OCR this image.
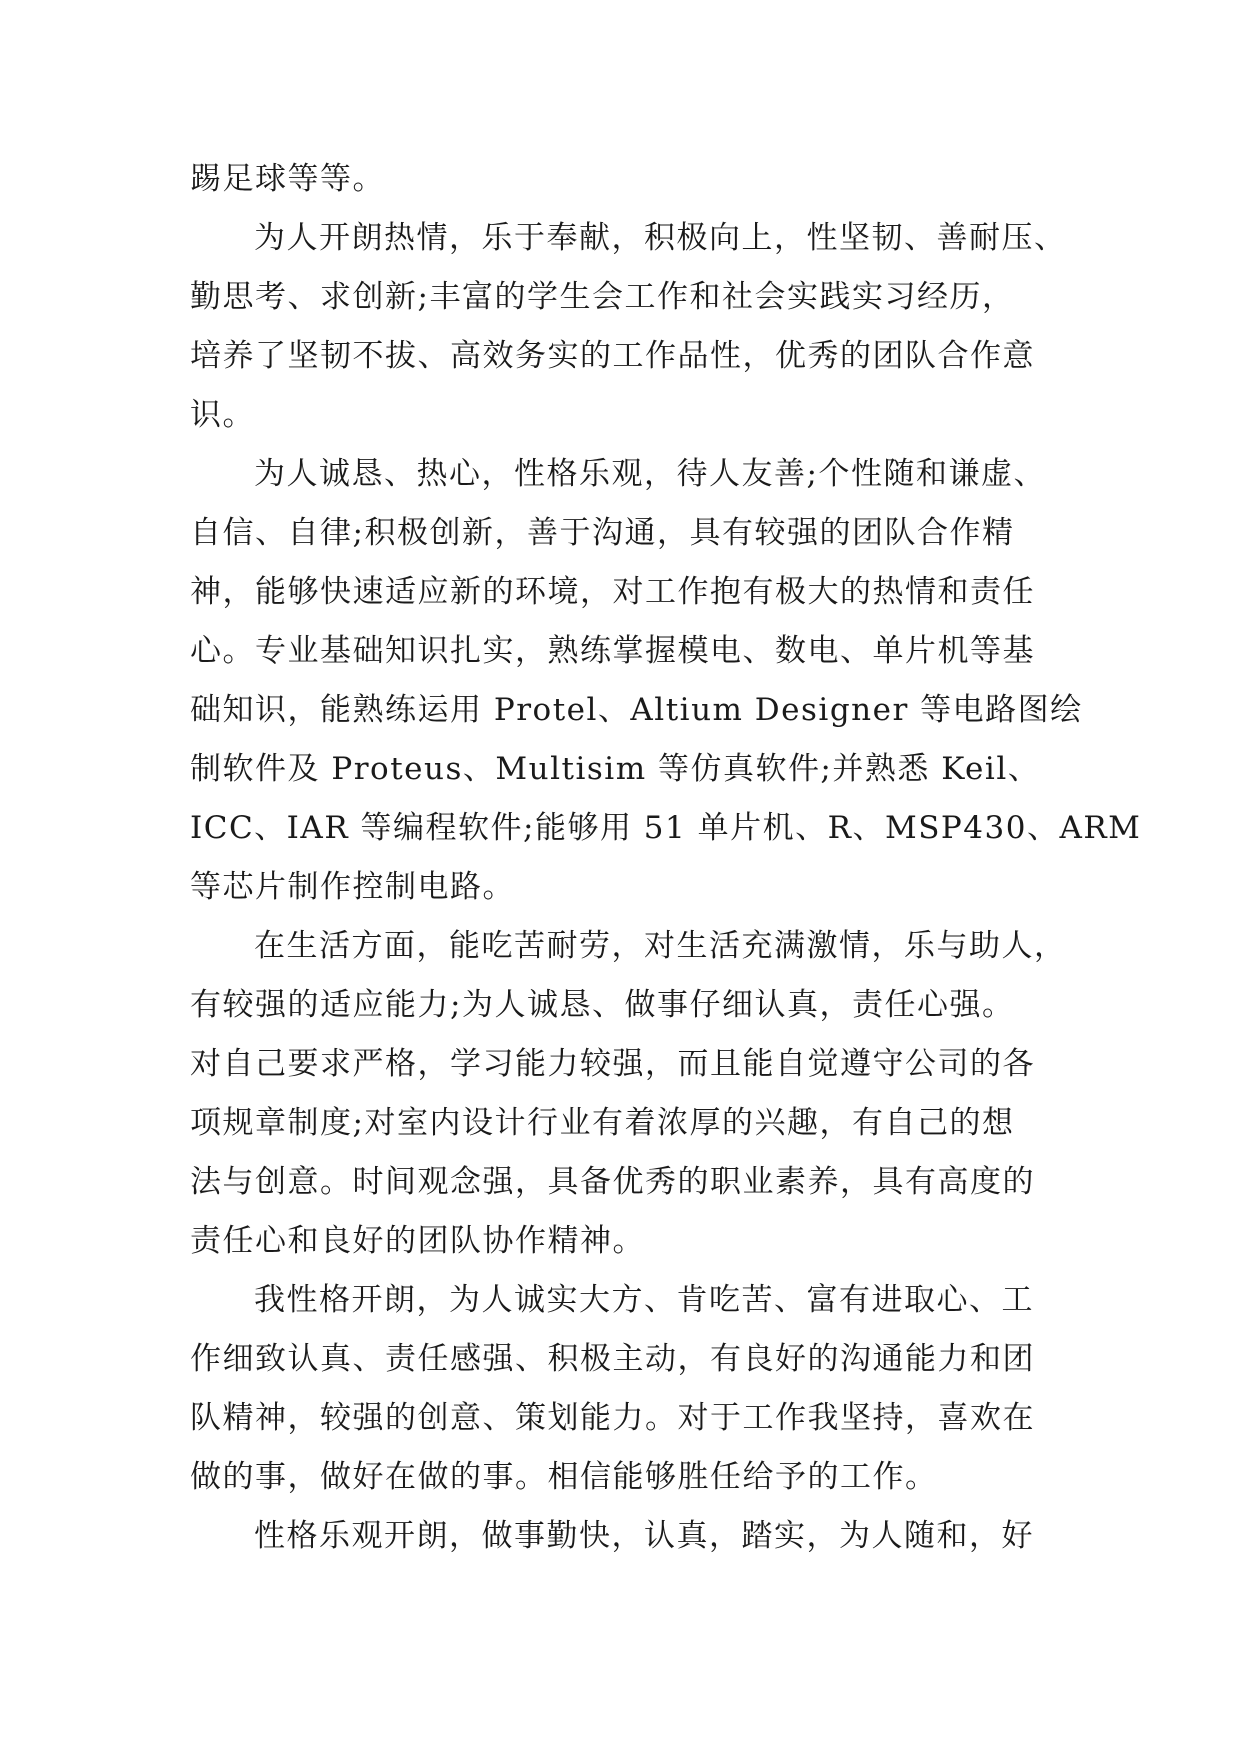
踢足球等等。
为人开朗热情，乐于奉献，积极向上，性坚韧、善耐压、
勤思考、求创新;丰富的学生会工作和社会实践实习经历，
培养了坚韧不拔、高效务实的工作品性，优秀的团队合作意
识。
为人诚恳、热心，性格乐观，待人友善;个性随和谦虚、
自信、自律;积极创新，善于沟通，具有较强的团队合作精
神，能够快速适应新的环境，对工作抱有极大的热情和责任
心。专业基础知识扎实，熟练掌握模电、数电、单片机等基
础知识，能熟练运用 Protel、Altium Designer 等电路图绘
制软件及 Proteus、Multisim 等仿真软件;并熟悉 Keil、
ICC、IAR 等编程软件;能够用 51 单片机、R、MSP430、ARM
等芯片制作控制电路。
在生活方面，能吃苦耐劳，对生活充满激情，乐与助人，
有较强的适应能力;为人诚恳、做事仔细认真，责任心强。
对自己要求严格，学习能力较强，而且能自觉遵守公司的各
项规章制度;对室内设计行业有着浓厚的兴趣，有自己的想
法与创意。时间观念强，具备优秀的职业素养，具有高度的
责任心和良好的团队协作精神。
我性格开朗，为人诚实大方、肯吃苦、富有进取心、工
作细致认真、责任感强、积极主动，有良好的沟通能力和团
队精神，较强的创意、策划能力。对于工作我坚持，喜欢在
做的事，做好在做的事。相信能够胜任给予的工作。
性格乐观开朗，做事勤快，认真，踏实，为人随和，好
